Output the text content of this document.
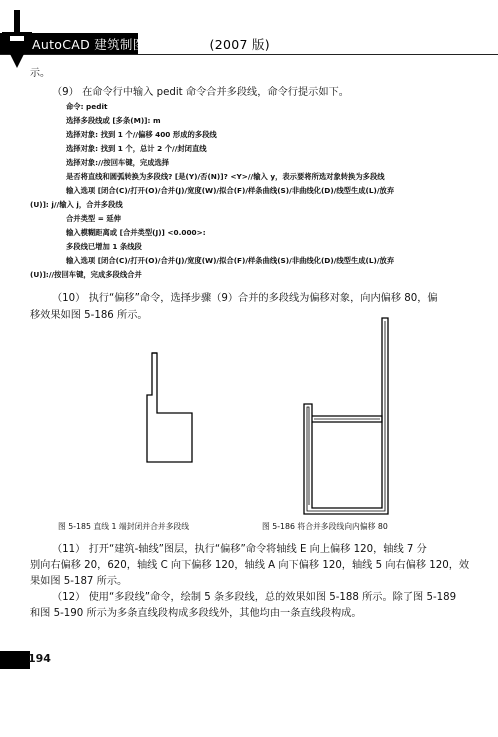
AutoCAD 建筑制图技术与实践(2007 版)
示。
（9） 在命令行中输入 pedit 命令合并多段线，命令行提示如下。
命令: pedit
选择多段线或 [多条(M)]: m
选择对象: 找到 1 个//偏移 400 形成的多段线
选择对象: 找到 1 个，总计 2 个//封闭直线
选择对象://按回车键，完成选择
是否将直线和圆弧转换为多段线? [是(Y)/否(N)]? <Y>//输入 y，表示要将所选对象转换为多段线
输入选项 [闭合(C)/打开(O)/合并(J)/宽度(W)/拟合(F)/样条曲线(S)/非曲线化(D)/线型生成(L)/放弃
(U)]: j//输入 j，合并多段线
合并类型 = 延伸
输入模糊距离或 [合并类型(J)] <0.000>:
多段线已增加 1 条线段
输入选项 [闭合(C)/打开(O)/合并(J)/宽度(W)/拟合(F)/样条曲线(S)/非曲线化(D)/线型生成(L)/放弃
(U)]://按回车键，完成多段线合并
（10） 执行“偏移”命令，选择步骤（9）合并的多段线为偏移对象，向内偏移 80，偏
移效果如图 5-186 所示。
图 5-185 直线 1 端封闭并合并多段线	图 5-186 将合并多段线向内偏移 80
（11） 打开“建筑-轴线”图层，执行“偏移”命令将轴线 E 向上偏移 120，轴线 7 分
别向右偏移 20，620，轴线 C 向下偏移 120，轴线 A 向下偏移 120，轴线 5 向右偏移 120，效
果如图 5-187 所示。
（12） 使用“多段线”命令，绘制 5 条多段线，总的效果如图 5-188 所示。除了图 5-189
和图 5-190 所示为多条直线段构成多段线外，其他均由一条直线段构成。
194
